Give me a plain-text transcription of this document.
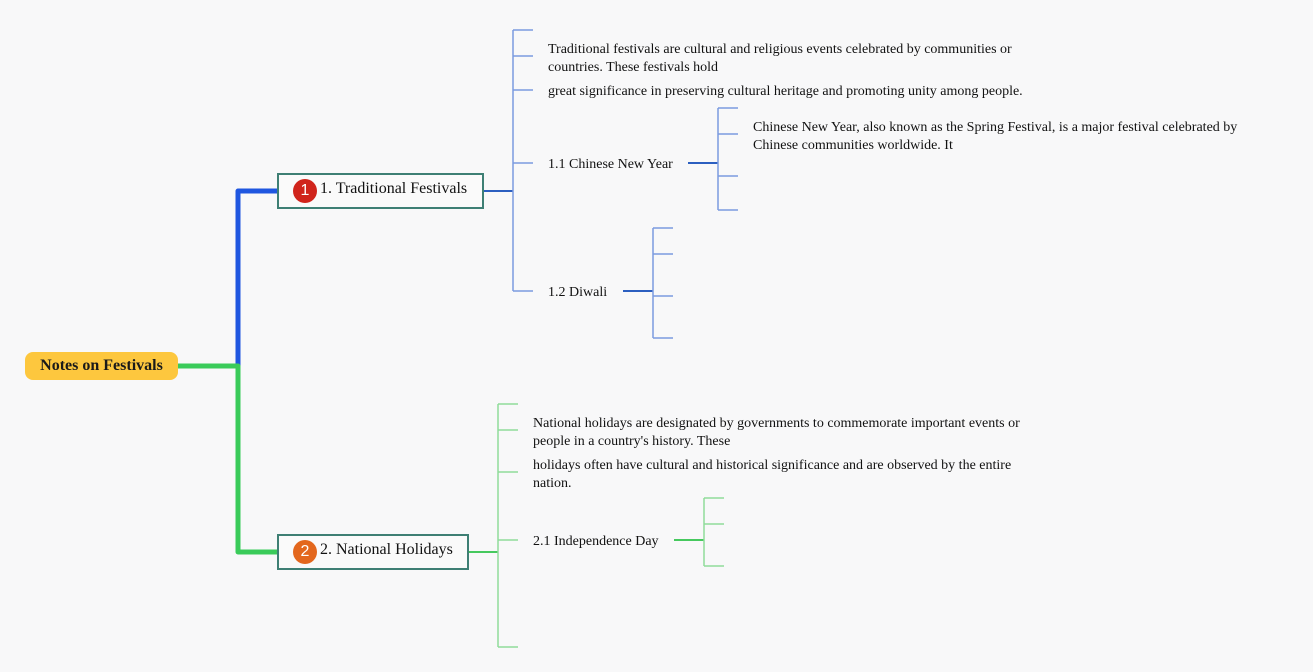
Notes on Festivals
1 1. Traditional Festivals
2 2. National Holidays
Traditional festivals are cultural and religious events celebrated by communities or countries. These festivals hold
great significance in preserving cultural heritage and promoting unity among people.
1.1 Chinese New Year
Chinese New Year, also known as the Spring Festival, is a major festival celebrated by Chinese communities worldwide. It
1.2 Diwali
National holidays are designated by governments to commemorate important events or people in a country's history. These
holidays often have cultural and historical significance and are observed by the entire nation.
2.1 Independence Day
